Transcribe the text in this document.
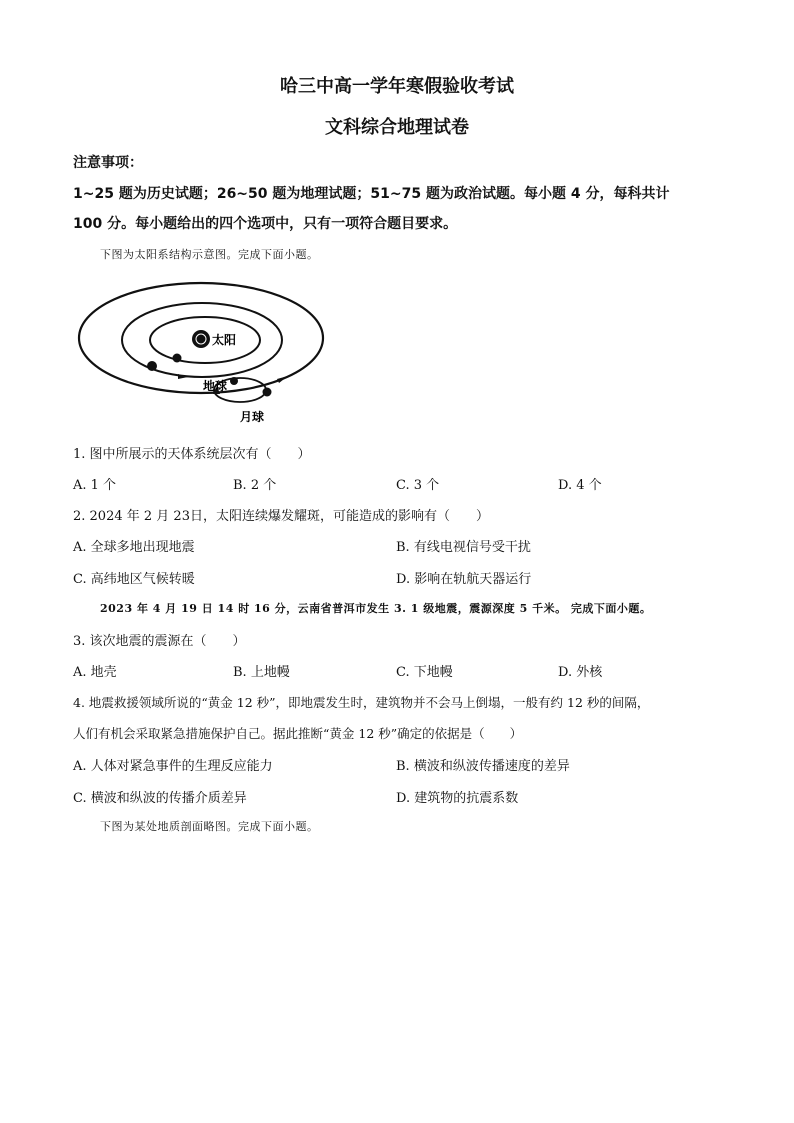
哈三中高一学年寒假验收考试
文科综合地理试卷
注意事项：
1~25 题为历史试题；26~50 题为地理试题；51~75 题为政治试题。每小题 4 分，每科共计
100 分。每小题给出的四个选项中，只有一项符合题目要求。
下图为太阳系结构示意图。完成下面小题。
太阳
地球
月球
1. 图中所展示的天体系统层次有（　　）
A. 1 个	B. 2 个	C. 3 个	D. 4 个
2. 2024 年 2 月 23日，太阳连续爆发耀斑，可能造成的影响有（　　）
A. 全球多地出现地震	B. 有线电视信号受干扰
C. 高纬地区气候转暖	D. 影响在轨航天器运行
2023 年 4 月 19 日 14 时 16 分，云南省普洱市发生 3. 1 级地震，震源深度 5 千米。 完成下面小题。
3. 该次地震的震源在（　　）
A. 地壳	B. 上地幔	C. 下地幔	D. 外核
4. 地震救援领域所说的“黄金 12 秒”，即地震发生时，建筑物并不会马上倒塌，一般有约 12 秒的间隔，
人们有机会采取紧急措施保护自己。据此推断“黄金 12 秒”确定的依据是（　　）
A. 人体对紧急事件的生理反应能力	B. 横波和纵波传播速度的差异
C. 横波和纵波的传播介质差异	D. 建筑物的抗震系数
下图为某处地质剖面略图。完成下面小题。
